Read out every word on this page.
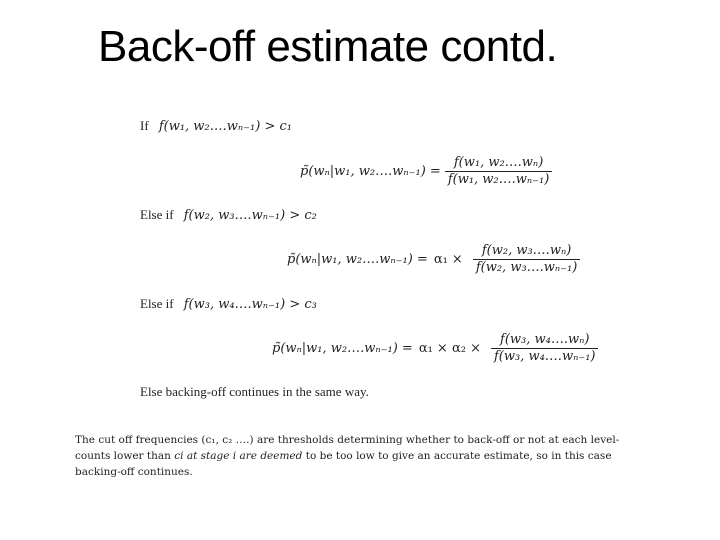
Back-off estimate contd.
If f(w₁, w₂….wₙ₋₁) > c₁
p̃(wₙ|w₁, w₂….wₙ₋₁) = $\frac{\text{f(w₁, w₂….wₙ)}}{\text{f(w₁, w₂….wₙ₋₁)}}$
Else if f(w₂, w₃….wₙ₋₁) > c₂
p̃(wₙ|w₁, w₂….wₙ₋₁) = $\alpha_1 \times \frac{\text{f(w₂, w₃….wₙ)}}{\text{f(w₂, w₃….wₙ₋₁)}}$
Else if f(w₃, w₄….wₙ₋₁) > c₃
p̃(wₙ|w₁, w₂….wₙ₋₁) = $\alpha_1 \times \alpha_2 \times \frac{\text{f(w₃, w₄….wₙ)}}{\text{f(w₃, w₄….wₙ₋₁)}}$
Else backing-off continues in the same way.
The cut off frequencies (c₁, c₂ ….) are thresholds determining whether to back-off or not at each level- counts lower than ci at stage i are deemed to be too low to give an accurate estimate, so in this case backing-off continues.
